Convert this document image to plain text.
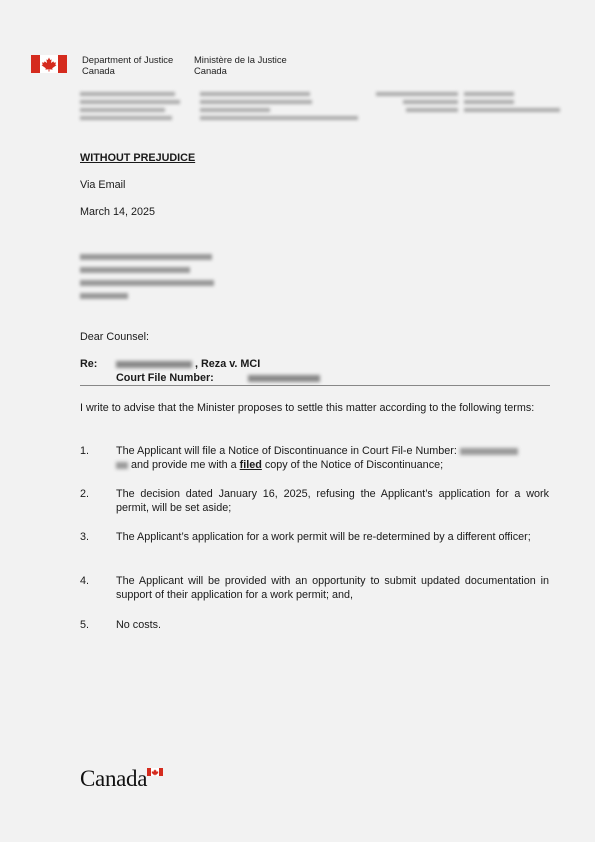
Department of Justice
Canada
Ministère de la Justice
Canada
WITHOUT PREJUDICE
Via Email
March 14, 2025
Dear Counsel:
Re:	, Reza v. MCI
Court File Number:
I write to advise that the Minister proposes to settle this matter according to the following terms:
1. The Applicant will file a Notice of Discontinuance in Court Fil-e Number:
and provide me with a filed copy of the Notice of Discontinuance;
2. The decision dated January 16, 2025, refusing the Applicant’s application for a work permit, will be set aside;
3. The Applicant’s application for a work permit will be re-determined by a different officer;
4. The Applicant will be provided with an opportunity to submit updated documentation in support of their application for a work permit; and,
5. No costs.
Canada
